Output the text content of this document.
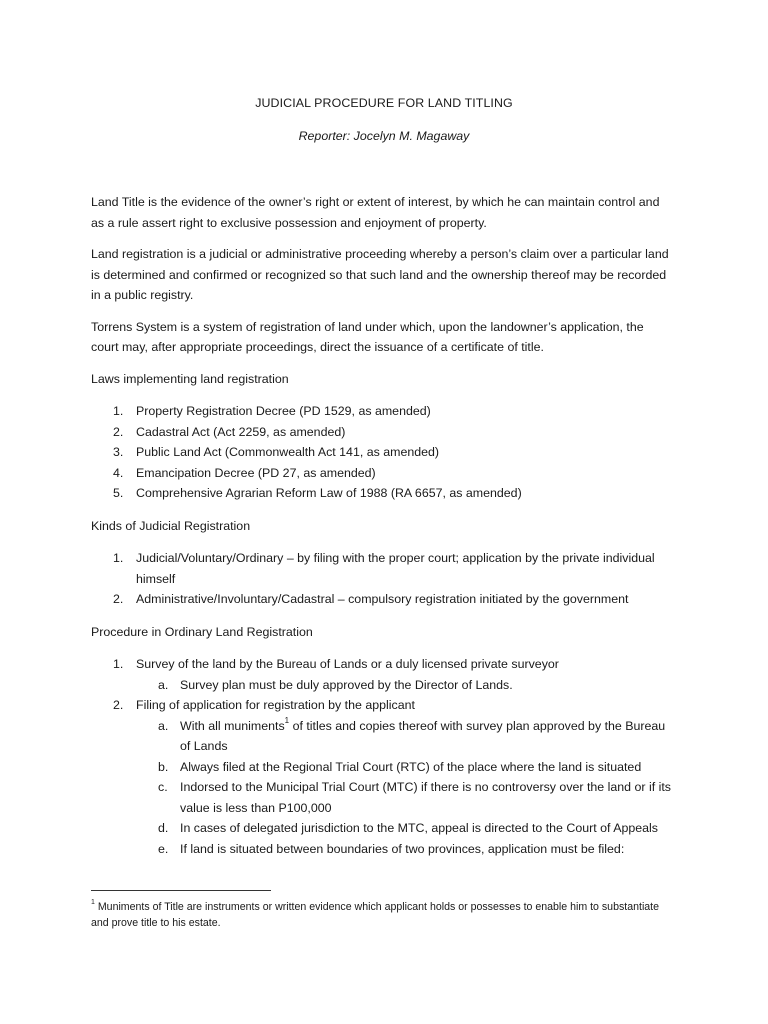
JUDICIAL PROCEDURE FOR LAND TITLING
Reporter: Jocelyn M. Magaway

Land Title is the evidence of the owner’s right or extent of interest, by which he can maintain control and as a rule assert right to exclusive possession and enjoyment of property.

Land registration is a judicial or administrative proceeding whereby a person’s claim over a particular land is determined and confirmed or recognized so that such land and the ownership thereof may be recorded in a public registry.

Torrens System is a system of registration of land under which, upon the landowner’s application, the court may, after appropriate proceedings, direct the issuance of a certificate of title.

Laws implementing land registration
1. Property Registration Decree (PD 1529, as amended)
2. Cadastral Act (Act 2259, as amended)
3. Public Land Act (Commonwealth Act 141, as amended)
4. Emancipation Decree (PD 27, as amended)
5. Comprehensive Agrarian Reform Law of 1988 (RA 6657, as amended)
Kinds of Judicial Registration
1. Judicial/Voluntary/Ordinary – by filing with the proper court; application by the private individual himself
2. Administrative/Involuntary/Cadastral – compulsory registration initiated by the government
Procedure in Ordinary Land Registration
1. Survey of the land by the Bureau of Lands or a duly licensed private surveyor
a. Survey plan must be duly approved by the Director of Lands.
2. Filing of application for registration by the applicant
a. With all muniments$^1$ of titles and copies thereof with survey plan approved by the Bureau of Lands
b. Always filed at the Regional Trial Court (RTC) of the place where the land is situated
c. Indorsed to the Municipal Trial Court (MTC) if there is no controversy over the land or if its value is less than P100,000
d. In cases of delegated jurisdiction to the MTC, appeal is directed to the Court of Appeals
e. If land is situated between boundaries of two provinces, application must be filed:
$^1$ Muniments of Title are instruments or written evidence which applicant holds or possesses to enable him to substantiate and prove title to his estate.
